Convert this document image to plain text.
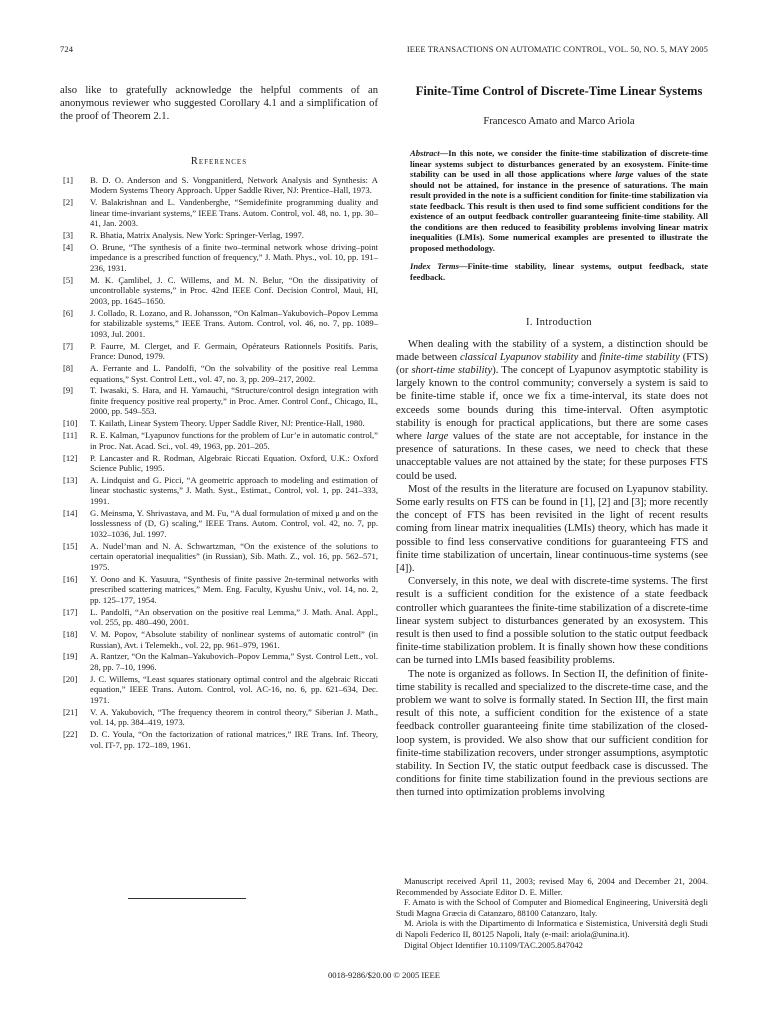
724	IEEE TRANSACTIONS ON AUTOMATIC CONTROL, VOL. 50, NO. 5, MAY 2005

also like to gratefully acknowledge the helpful comments of an anonymous reviewer who suggested Corollary 4.1 and a simplification of the proof of Theorem 2.1.

References
[1] B. D. O. Anderson and S. Vongpanitlerd, Network Analysis and Synthesis: A Modern Systems Theory Approach. Upper Saddle River, NJ: Prentice–Hall, 1973.
[2] V. Balakrishnan and L. Vandenberghe, “Semidefinite programming duality and linear time-invariant systems,” IEEE Trans. Autom. Control, vol. 48, no. 1, pp. 30–41, Jan. 2003.
[3] R. Bhatia, Matrix Analysis. New York: Springer-Verlag, 1997.
[4] O. Brune, “The synthesis of a finite two–terminal network whose driving–point impedance is a prescribed function of frequency,” J. Math. Phys., vol. 10, pp. 191–236, 1931.
[5] M. K. Çamlibel, J. C. Willems, and M. N. Belur, “On the dissipativity of uncontrollable systems,” in Proc. 42nd IEEE Conf. Decision Control, Maui, HI, 2003, pp. 1645–1650.
[6] J. Collado, R. Lozano, and R. Johansson, “On Kalman–Yakubovich–Popov Lemma for stabilizable systems,” IEEE Trans. Autom. Control, vol. 46, no. 7, pp. 1089–1093, Jul. 2001.
[7] P. Faurre, M. Clerget, and F. Germain, Opérateurs Rationnels Positifs. Paris, France: Dunod, 1979.
[8] A. Ferrante and L. Pandolfi, “On the solvability of the positive real Lemma equations,” Syst. Control Lett., vol. 47, no. 3, pp. 209–217, 2002.
[9] T. Iwasaki, S. Hara, and H. Yamauchi, “Structure/control design integration with finite frequency positive real property,” in Proc. Amer. Control Conf., Chicago, IL, 2000, pp. 549–553.
[10] T. Kailath, Linear System Theory. Upper Saddle River, NJ: Prentice-Hall, 1980.
[11] R. E. Kalman, “Lyapunov functions for the problem of Lur’e in automatic control,” in Proc. Nat. Acad. Sci., vol. 49, 1963, pp. 201–205.
[12] P. Lancaster and R. Rodman, Algebraic Riccati Equation. Oxford, U.K.: Oxford Science Public, 1995.
[13] A. Lindquist and G. Picci, “A geometric approach to modeling and estimation of linear stochastic systems,” J. Math. Syst., Estimat., Control, vol. 1, pp. 241–333, 1991.
[14] G. Meinsma, Y. Shrivastava, and M. Fu, “A dual formulation of mixed μ and on the losslessness of (D, G) scaling,” IEEE Trans. Autom. Control, vol. 42, no. 7, pp. 1032–1036, Jul. 1997.
[15] A. Nudel’man and N. A. Schwartzman, “On the existence of the solutions to certain operatorial inequalities” (in Russian), Sib. Math. Z., vol. 16, pp. 562–571, 1975.
[16] Y. Oono and K. Yasuura, “Synthesis of finite passive 2n-terminal networks with prescribed scattering matrices,” Mem. Eng. Faculty, Kyushu Univ., vol. 14, no. 2, pp. 125–177, 1954.
[17] L. Pandolfi, “An observation on the positive real Lemma,” J. Math. Anal. Appl., vol. 255, pp. 480–490, 2001.
[18] V. M. Popov, “Absolute stability of nonlinear systems of automatic control” (in Russian), Avt. i Telemekh., vol. 22, pp. 961–979, 1961.
[19] A. Rantzer, “On the Kalman–Yakubovich–Popov Lemma,” Syst. Control Lett., vol. 28, pp. 7–10, 1996.
[20] J. C. Willems, “Least squares stationary optimal control and the algebraic Riccati equation,” IEEE Trans. Autom. Control, vol. AC-16, no. 6, pp. 621–634, Dec. 1971.
[21] V. A. Yakubovich, “The frequency theorem in control theory,” Siberian J. Math., vol. 14, pp. 384–419, 1973.
[22] D. C. Youla, “On the factorization of rational matrices,” IRE Trans. Inf. Theory, vol. IT-7, pp. 172–189, 1961.
Finite-Time Control of Discrete-Time Linear Systems
Francesco Amato and Marco Ariola

Abstract—In this note, we consider the finite-time stabilization of discrete-time linear systems subject to disturbances generated by an exosystem. Finite-time stability can be used in all those applications where large values of the state should not be attained, for instance in the presence of saturations. The main result provided in the note is a sufficient condition for finite-time stabilization via state feedback. This result is then used to find some sufficient conditions for the existence of an output feedback controller guaranteeing finite-time stability. All the conditions are then reduced to feasibility problems involving linear matrix inequalities (LMIs). Some numerical examples are presented to illustrate the proposed methodology.

Index Terms—Finite-time stability, linear systems, output feedback, state feedback.

I. Introduction

When dealing with the stability of a system, a distinction should be made between classical Lyapunov stability and finite-time stability (FTS) (or short-time stability). The concept of Lyapunov asymptotic stability is largely known to the control community; conversely a system is said to be finite-time stable if, once we fix a time-interval, its state does not exceeds some bounds during this time-interval. Often asymptotic stability is enough for practical applications, but there are some cases where large values of the state are not acceptable, for instance in the presence of saturations. In these cases, we need to check that these unacceptable values are not attained by the state; for these purposes FTS could be used.

Most of the results in the literature are focused on Lyapunov stability. Some early results on FTS can be found in [1], [2] and [3]; more recently the concept of FTS has been revisited in the light of recent results coming from linear matrix inequalities (LMIs) theory, which has made it possible to find less conservative conditions for guaranteeing FTS and finite time stabilization of uncertain, linear continuous-time systems (see [4]).

Conversely, in this note, we deal with discrete-time systems. The first result is a sufficient condition for the existence of a state feedback controller which guarantees the finite-time stabilization of a discrete-time linear system subject to disturbances generated by an exosystem. This result is then used to find a possible solution to the static output feedback finite-time stabilization problem. It is finally shown how these conditions can be turned into LMIs based feasibility problems.

The note is organized as follows. In Section II, the definition of finite-time stability is recalled and specialized to the discrete-time case, and the problem we want to solve is formally stated. In Section III, the first main result of this note, a sufficient condition for the existence of a state feedback controller guaranteeing finite time stabilization of the closed-loop system, is provided. We also show that our sufficient condition for finite-time stabilization recovers, under stronger assumptions, asymptotic stability. In Section IV, the static output feedback case is discussed. The conditions for finite time stabilization found in the previous sections are then turned into optimization problems involving

Manuscript received April 11, 2003; revised May 6, 2004 and December 21, 2004. Recommended by Associate Editor D. E. Miller.

F. Amato is with the School of Computer and Biomedical Engineering, Università degli Studi Magna Græcia di Catanzaro, 88100 Catanzaro, Italy.

M. Ariola is with the Dipartimento di Informatica e Sistemistica, Università degli Studi di Napoli Federico II, 80125 Napoli, Italy (e-mail: ariola@unina.it).

Digital Object Identifier 10.1109/TAC.2005.847042

0018-9286/$20.00 © 2005 IEEE
